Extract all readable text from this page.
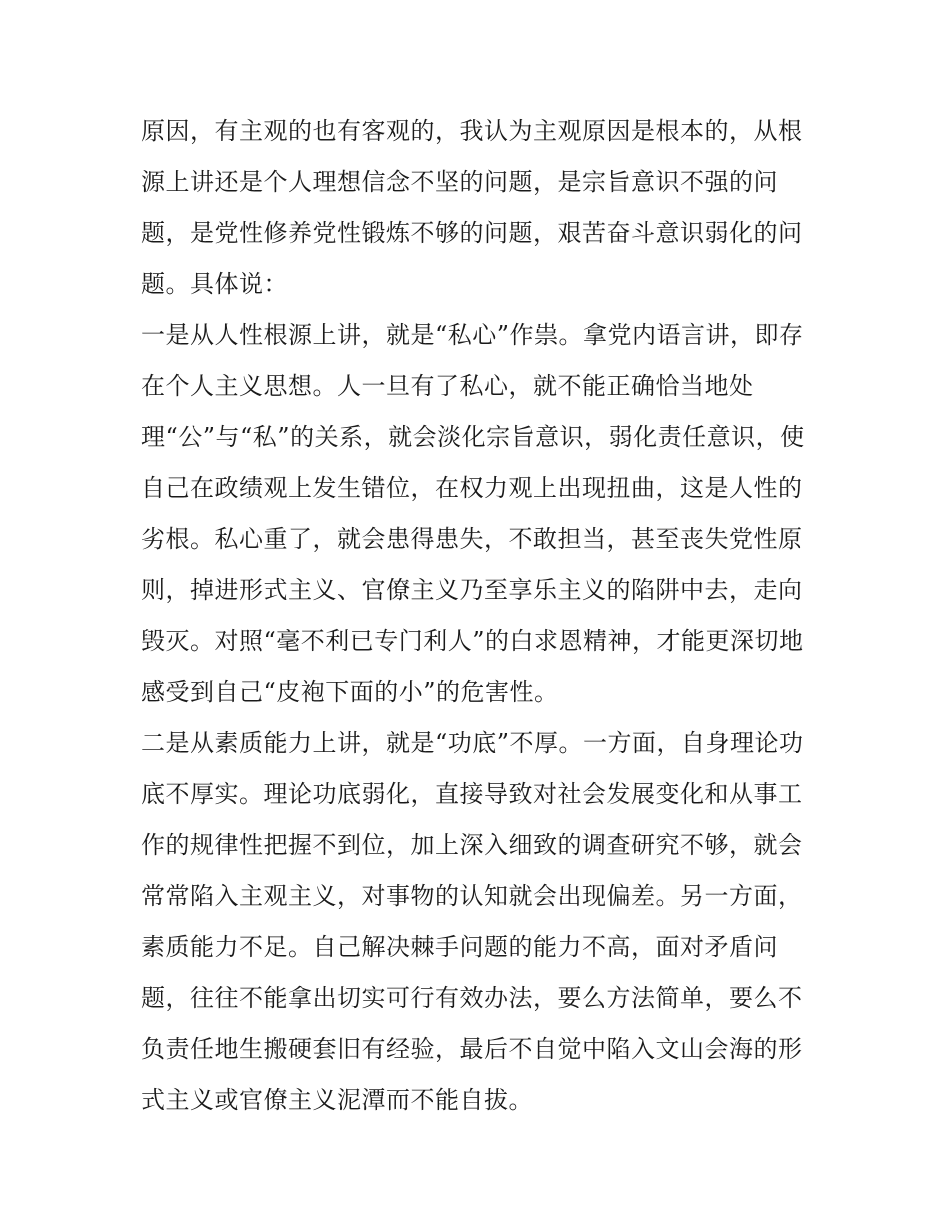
原因，有主观的也有客观的，我认为主观原因是根本的，从根
源上讲还是个人理想信念不坚的问题，是宗旨意识不强的问
题，是党性修养党性锻炼不够的问题，艰苦奋斗意识弱化的问
题。具体说：
一是从人性根源上讲，就是“私心”作祟。拿党内语言讲，即存
在个人主义思想。人一旦有了私心，就不能正确恰当地处
理“公”与“私”的关系，就会淡化宗旨意识，弱化责任意识，使
自己在政绩观上发生错位，在权力观上出现扭曲，这是人性的
劣根。私心重了，就会患得患失，不敢担当，甚至丧失党性原
则，掉进形式主义、官僚主义乃至享乐主义的陷阱中去，走向
毁灭。对照“毫不利已专门利人”的白求恩精神，才能更深切地
感受到自己“皮袍下面的小”的危害性。
二是从素质能力上讲，就是“功底”不厚。一方面，自身理论功
底不厚实。理论功底弱化，直接导致对社会发展变化和从事工
作的规律性把握不到位，加上深入细致的调查研究不够，就会
常常陷入主观主义，对事物的认知就会出现偏差。另一方面，
素质能力不足。自己解决棘手问题的能力不高，面对矛盾问
题，往往不能拿出切实可行有效办法，要么方法简单，要么不
负责任地生搬硬套旧有经验，最后不自觉中陷入文山会海的形
式主义或官僚主义泥潭而不能自拔。
